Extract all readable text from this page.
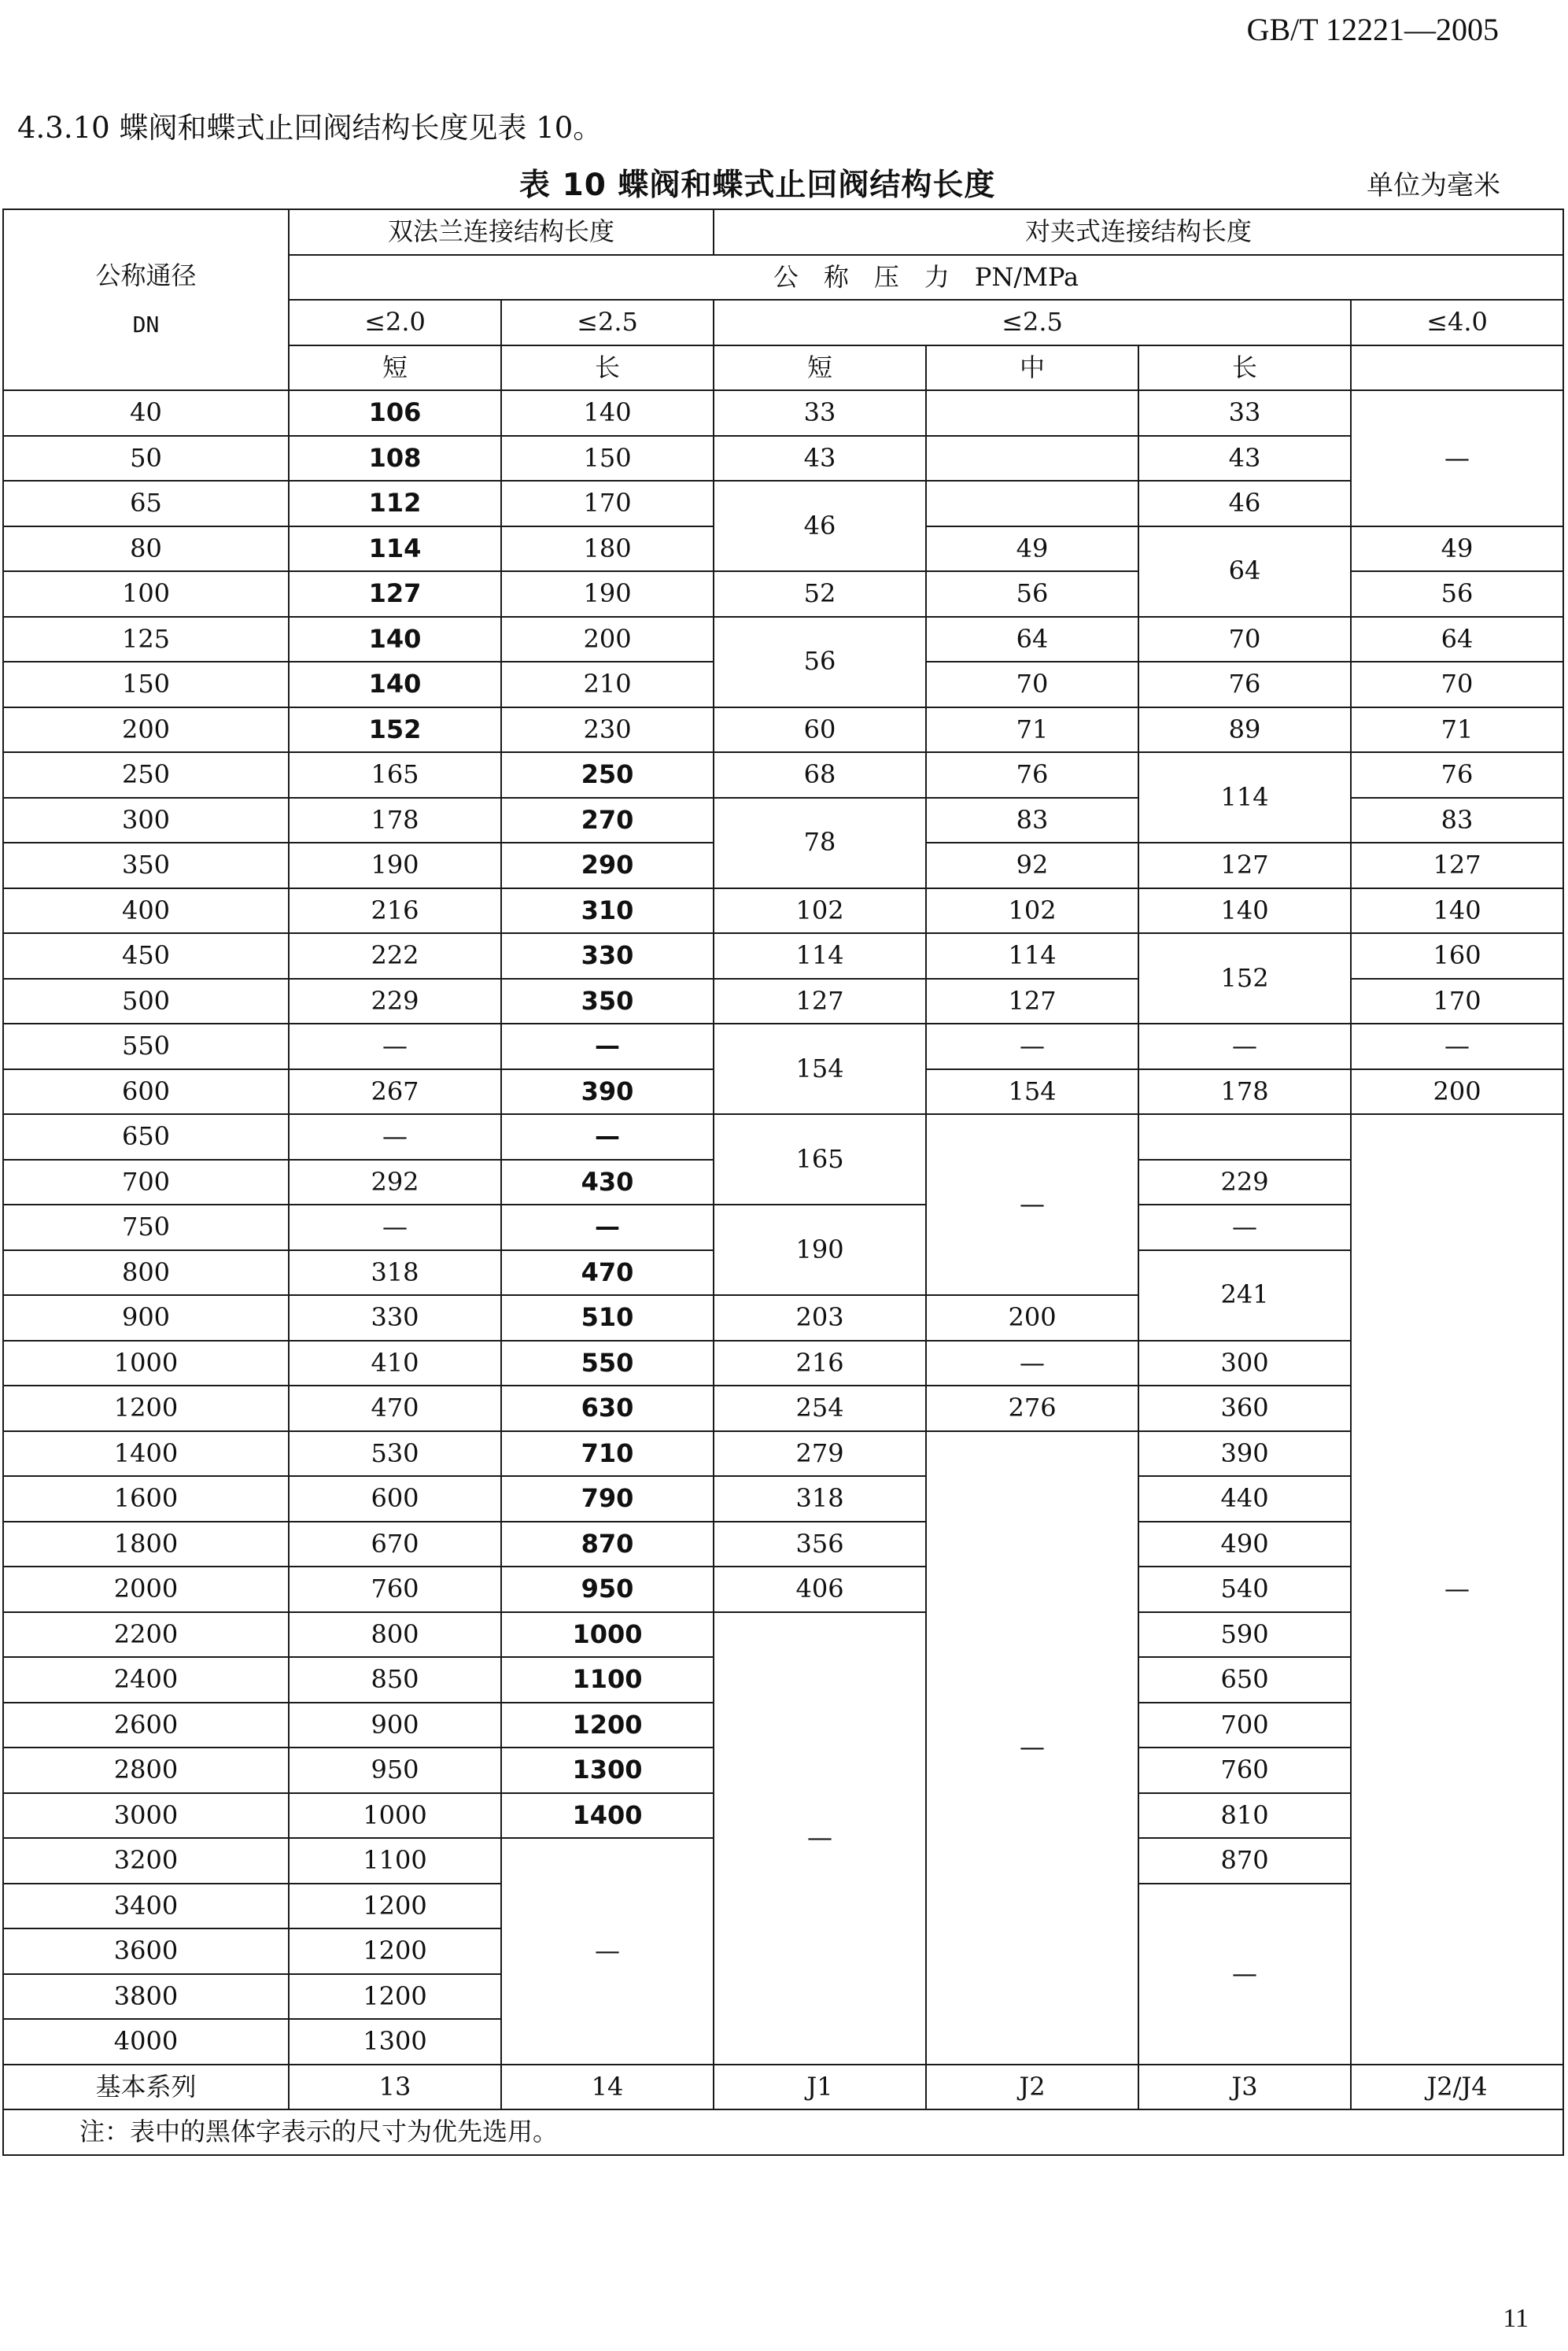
GB/T 12221—2005
4.3.10 蝶阀和蝶式止回阀结构长度见表 10。
表 10 蝶阀和蝶式止回阀结构长度	单位为毫米
公称通径
DN	双法兰连接结构长度		对夹式连接结构长度			
	公　称　压　力　PN/MPa					
	≤2.0	≤2.5	≤2.5			≤4.0
	短	长	短	中	长	
40	106	140	33		33	—
50	108	150	43		43	
65	112	170	46		46	
80	114	180		49	64	49
100	127	190	52	56		56
125	140	200	56	64	70	64
150	140	210		70	76	70
200	152	230	60	71	89	71
250	165	250	68	76	114	76
300	178	270	78	83		83
350	190	290		92	127	127
400	216	310	102	102	140	140
450	222	330	114	114	152	160
500	229	350	127	127		170
550	—	—	154	—	—	—
600	267	390		154	178	200
650	—	—	165	—		—
700	292	430			229	
750	—	—	190		—	
800	318	470			241	
900	330	510	203	200		
1000	410	550	216	—	300	
1200	470	630	254	276	360	
1400	530	710	279	—	390	
1600	600	790	318		440	
1800	670	870	356		490	
2000	760	950	406		540	
2200	800	1000	—		590	
2400	850	1100			650	
2600	900	1200			700	
2800	950	1300			760	
3000	1000	1400			810	
3200	1100	—			870	
3400	1200				—	
3600	1200					
3800	1200					
4000	1300					
基本系列	13	14	J1	J2	J3	J2/J4
注：表中的黑体字表示的尺寸为优先选用。						
11
